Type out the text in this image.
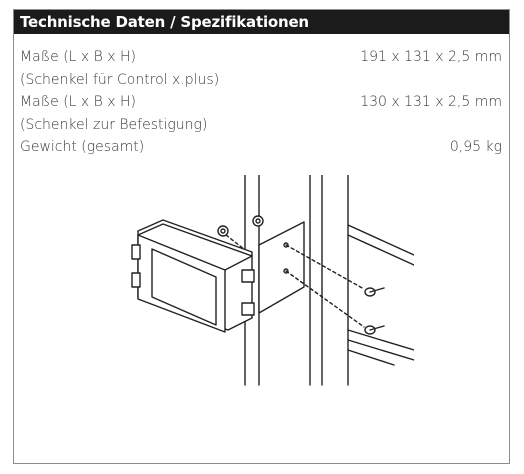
Technische Daten / Spezifikationen
Maße (L x B x H)	191 x 131 x 2,5 mm
(Schenkel für Control x.plus)
Maße (L x B x H)	130 x 131 x 2,5 mm
(Schenkel zur Befestigung)
Gewicht (gesamt)	0,95 kg
